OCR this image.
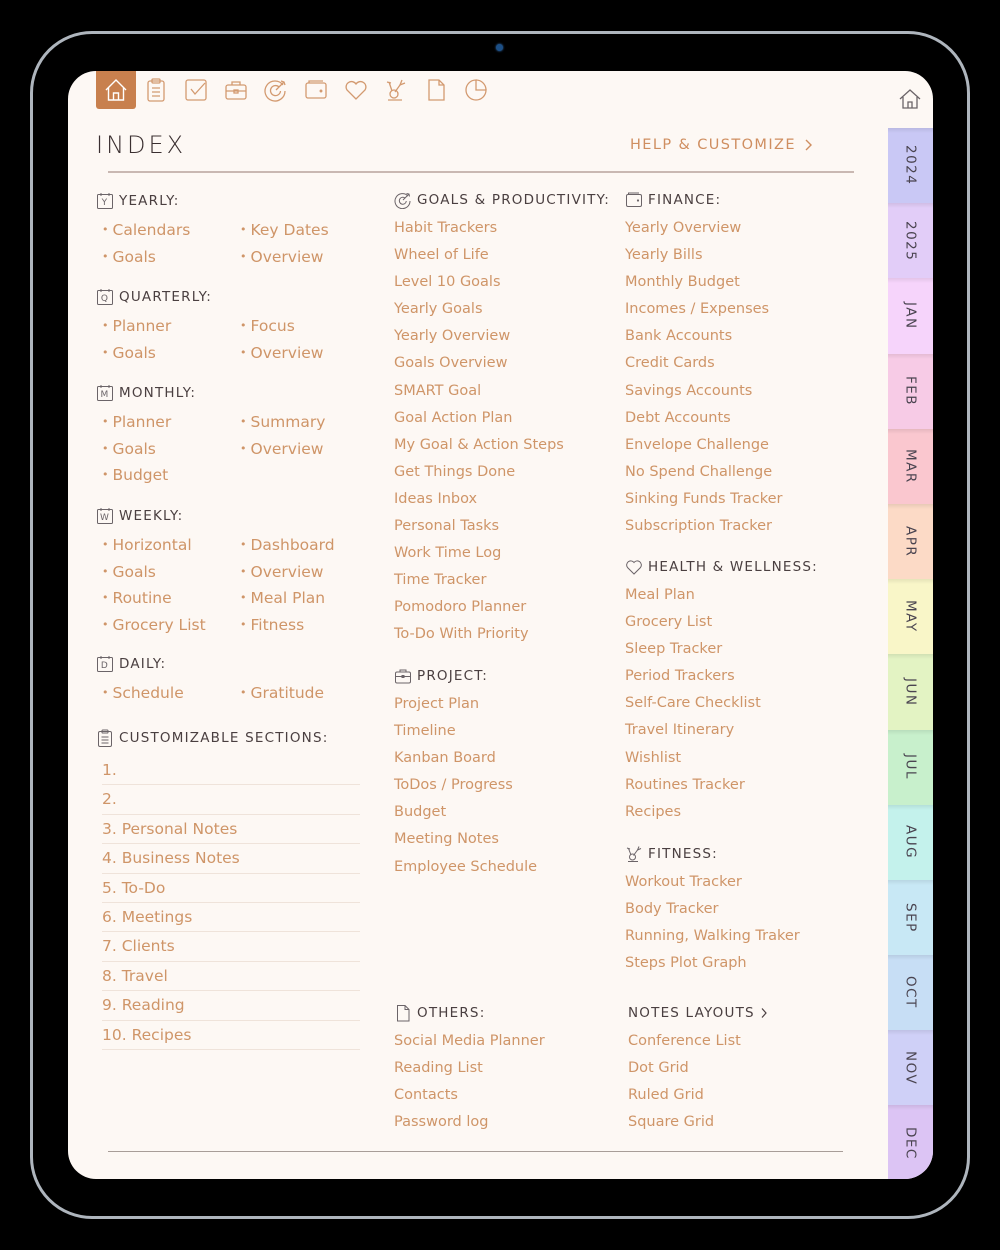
INDEX	HELP & CUSTOMIZE
Y YEARLY:
• Calendars	• Key Dates
• Goals	• Overview
Q QUARTERLY:
• Planner	• Focus
• Goals	• Overview
M MONTHLY:
• Planner	• Summary
• Goals	• Overview
• Budget
W WEEKLY:
• Horizontal	• Dashboard
• Goals	• Overview
• Routine	• Meal Plan
• Grocery List	• Fitness
D DAILY:
• Schedule	• Gratitude
CUSTOMIZABLE SECTIONS:
1.
2.
3. Personal Notes
4. Business Notes
5. To-Do
6. Meetings
7. Clients
8. Travel
9. Reading
10. Recipes
GOALS & PRODUCTIVITY:
Habit Trackers
Wheel of Life
Level 10 Goals
Yearly Goals
Yearly Overview
Goals Overview
SMART Goal
Goal Action Plan
My Goal & Action Steps
Get Things Done
Ideas Inbox
Personal Tasks
Work Time Log
Time Tracker
Pomodoro Planner
To-Do With Priority
PROJECT:
Project Plan
Timeline
Kanban Board
ToDos / Progress
Budget
Meeting Notes
Employee Schedule
OTHERS:
Social Media Planner
Reading List
Contacts
Password log
FINANCE:
Yearly Overview
Yearly Bills
Monthly Budget
Incomes / Expenses
Bank Accounts
Credit Cards
Savings Accounts
Debt Accounts
Envelope Challenge
No Spend Challenge
Sinking Funds Tracker
Subscription Tracker
HEALTH & WELLNESS:
Meal Plan
Grocery List
Sleep Tracker
Period Trackers
Self-Care Checklist
Travel Itinerary
Wishlist
Routines Tracker
Recipes
FITNESS:
Workout Tracker
Body Tracker
Running, Walking Traker
Steps Plot Graph
NOTES LAYOUTS
Conference List
Dot Grid
Ruled Grid
Square Grid
2024
2025
JAN
FEB
MAR
APR
MAY
JUN
JUL
AUG
SEP
OCT
NOV
DEC
